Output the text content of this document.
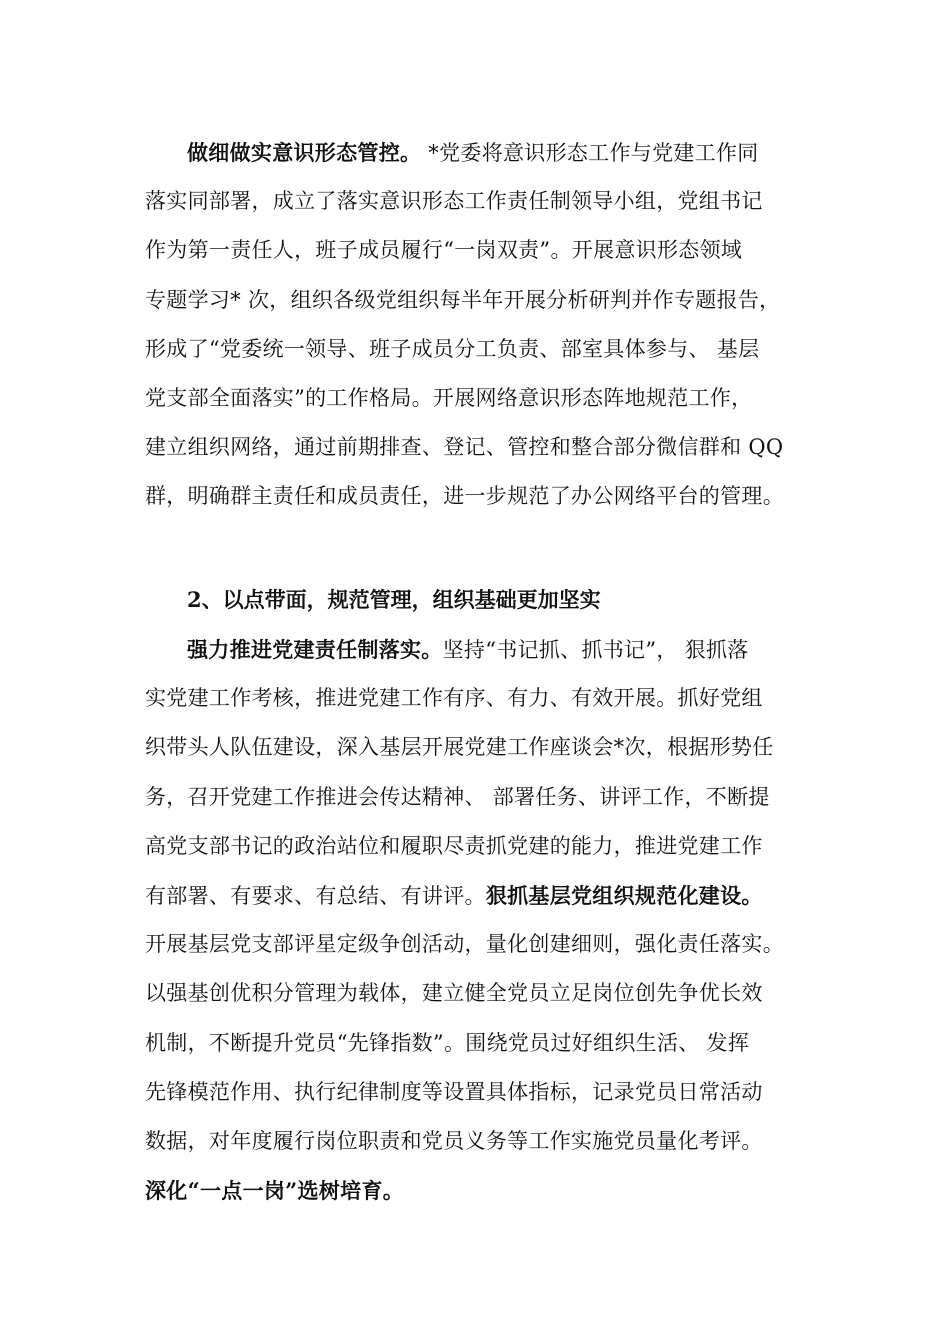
做细做实意识形态管控。 *党委将意识形态工作与党建工作同
落实同部署，成立了落实意识形态工作责任制领导小组，党组书记
作为第一责任人，班子成员履行“一岗双责”。开展意识形态领域
专题学习* 次，组织各级党组织每半年开展分析研判并作专题报告，
形成了“党委统一领导、班子成员分工负责、部室具体参与、 基层
党支部全面落实”的工作格局。开展网络意识形态阵地规范工作，
建立组织网络，通过前期排查、登记、管控和整合部分微信群和 QQ
群，明确群主责任和成员责任，进一步规范了办公网络平台的管理。
2、以点带面，规范管理，组织基础更加坚实
强力推进党建责任制落实。坚持“书记抓、抓书记”， 狠抓落
实党建工作考核，推进党建工作有序、有力、有效开展。抓好党组
织带头人队伍建设，深入基层开展党建工作座谈会*次，根据形势任
务，召开党建工作推进会传达精神、 部署任务、讲评工作，不断提
高党支部书记的政治站位和履职尽责抓党建的能力，推进党建工作
有部署、有要求、有总结、有讲评。狠抓基层党组织规范化建设。
开展基层党支部评星定级争创活动，量化创建细则，强化责任落实。
以强基创优积分管理为载体，建立健全党员立足岗位创先争优长效
机制，不断提升党员“先锋指数”。围绕党员过好组织生活、 发挥
先锋模范作用、执行纪律制度等设置具体指标，记录党员日常活动
数据，对年度履行岗位职责和党员义务等工作实施党员量化考评。
深化“一点一岗”选树培育。
